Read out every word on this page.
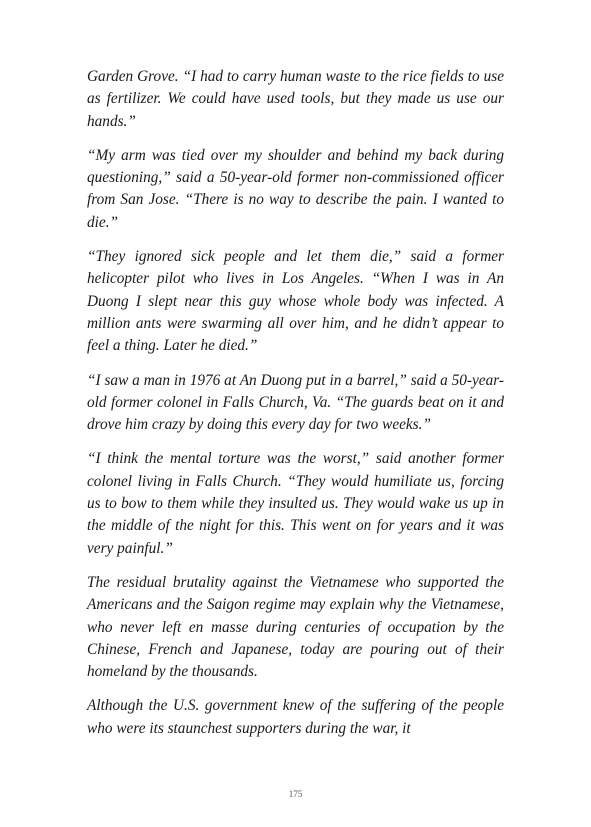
Garden Grove. “I had to carry human waste to the rice fields to use as fertilizer. We could have used tools, but they made us use our hands.”

“My arm was tied over my shoulder and behind my back during questioning,” said a 50-year-old former non-commissioned officer from San Jose. “There is no way to describe the pain. I wanted to die.”

“They ignored sick people and let them die,” said a former helicopter pilot who lives in Los Angeles. “When I was in An Duong I slept near this guy whose whole body was infected. A million ants were swarming all over him, and he didn’t appear to feel a thing. Later he died.”

“I saw a man in 1976 at An Duong put in a barrel,” said a 50-year-old former colonel in Falls Church, Va. “The guards beat on it and drove him crazy by doing this every day for two weeks.”

“I think the mental torture was the worst,” said another former colonel living in Falls Church. “They would humiliate us, forcing us to bow to them while they insulted us. They would wake us up in the middle of the night for this. This went on for years and it was very painful.”

The residual brutality against the Vietnamese who supported the Americans and the Saigon regime may explain why the Vietnamese, who never left en masse during centuries of occupation by the Chinese, French and Japanese, today are pouring out of their homeland by the thousands.

Although the U.S. government knew of the suffering of the people who were its staunchest supporters during the war, it

175
